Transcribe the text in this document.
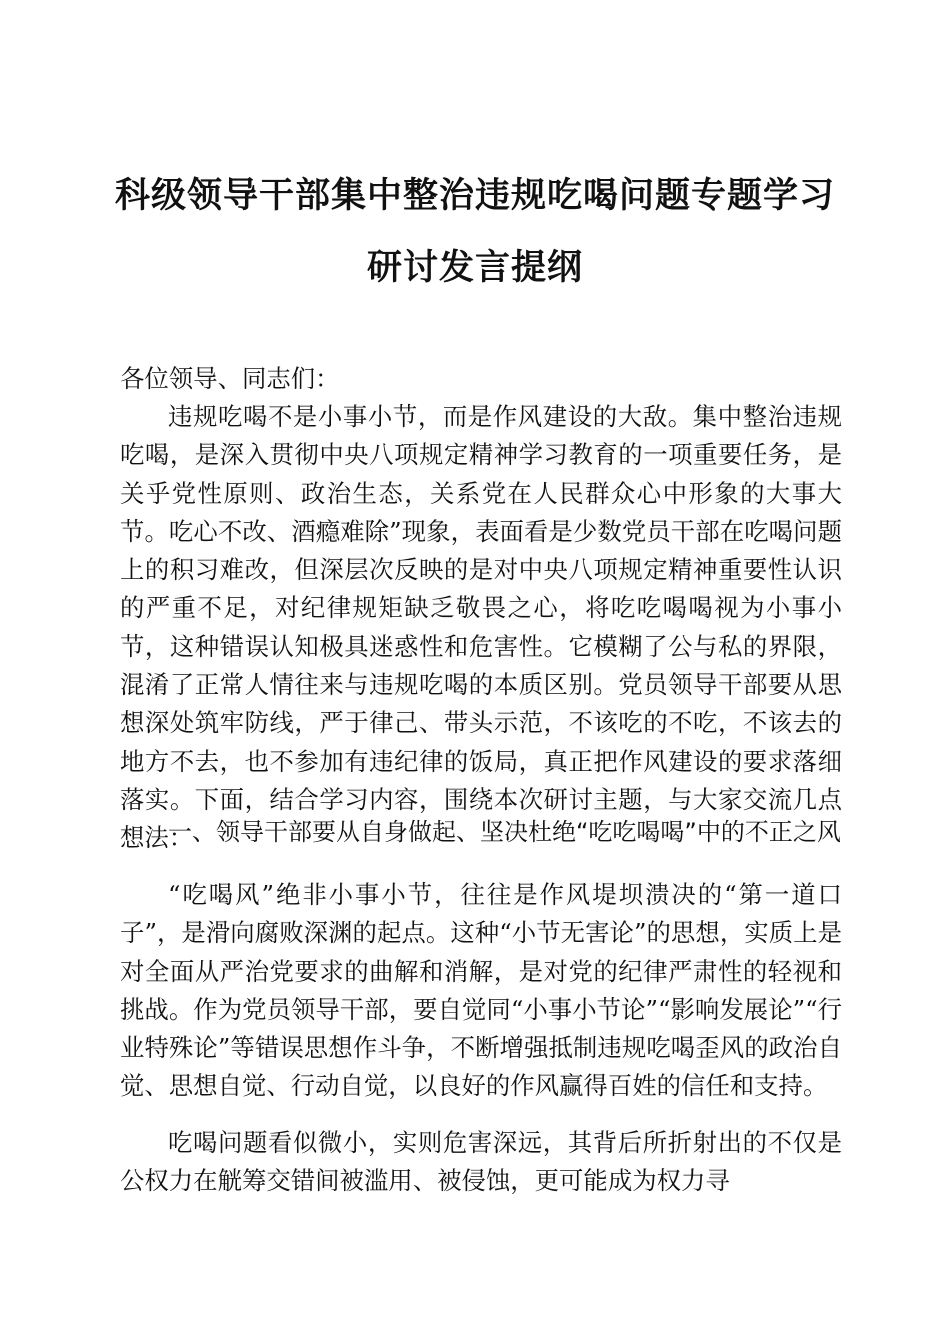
科级领导干部集中整治违规吃喝问题专题学习
研讨发言提纲
各位领导、同志们：

违规吃喝不是小事小节，而是作风建设的大敌。集中整治违规吃喝，是深入贯彻中央八项规定精神学习教育的一项重要任务，是关乎党性原则、政治生态，关系党在人民群众心中形象的大事大节。吃心不改、酒瘾难除”现象，表面看是少数党员干部在吃喝问题上的积习难改，但深层次反映的是对中央八项规定精神重要性认识的严重不足，对纪律规矩缺乏敬畏之心，将吃吃喝喝视为小事小节，这种错误认知极具迷惑性和危害性。它模糊了公与私的界限，混淆了正常人情往来与违规吃喝的本质区别。党员领导干部要从思想深处筑牢防线，严于律己、带头示范，不该吃的不吃，不该去的地方不去，也不参加有违纪律的饭局，真正把作风建设的要求落细落实。下面，结合学习内容，围绕本次研讨主题，与大家交流几点想法：

一、领导干部要从自身做起、坚决杜绝“吃吃喝喝”中的不正之风

“吃喝风”绝非小事小节，往往是作风堤坝溃决的“第一道口子”，是滑向腐败深渊的起点。这种“小节无害论”的思想，实质上是对全面从严治党要求的曲解和消解，是对党的纪律严肃性的轻视和挑战。作为党员领导干部，要自觉同“小事小节论”“影响发展论”“行业特殊论”等错误思想作斗争，不断增强抵制违规吃喝歪风的政治自觉、思想自觉、行动自觉，以良好的作风赢得百姓的信任和支持。

吃喝问题看似微小，实则危害深远，其背后所折射出的不仅是公权力在觥筹交错间被滥用、被侵蚀，更可能成为权力寻
